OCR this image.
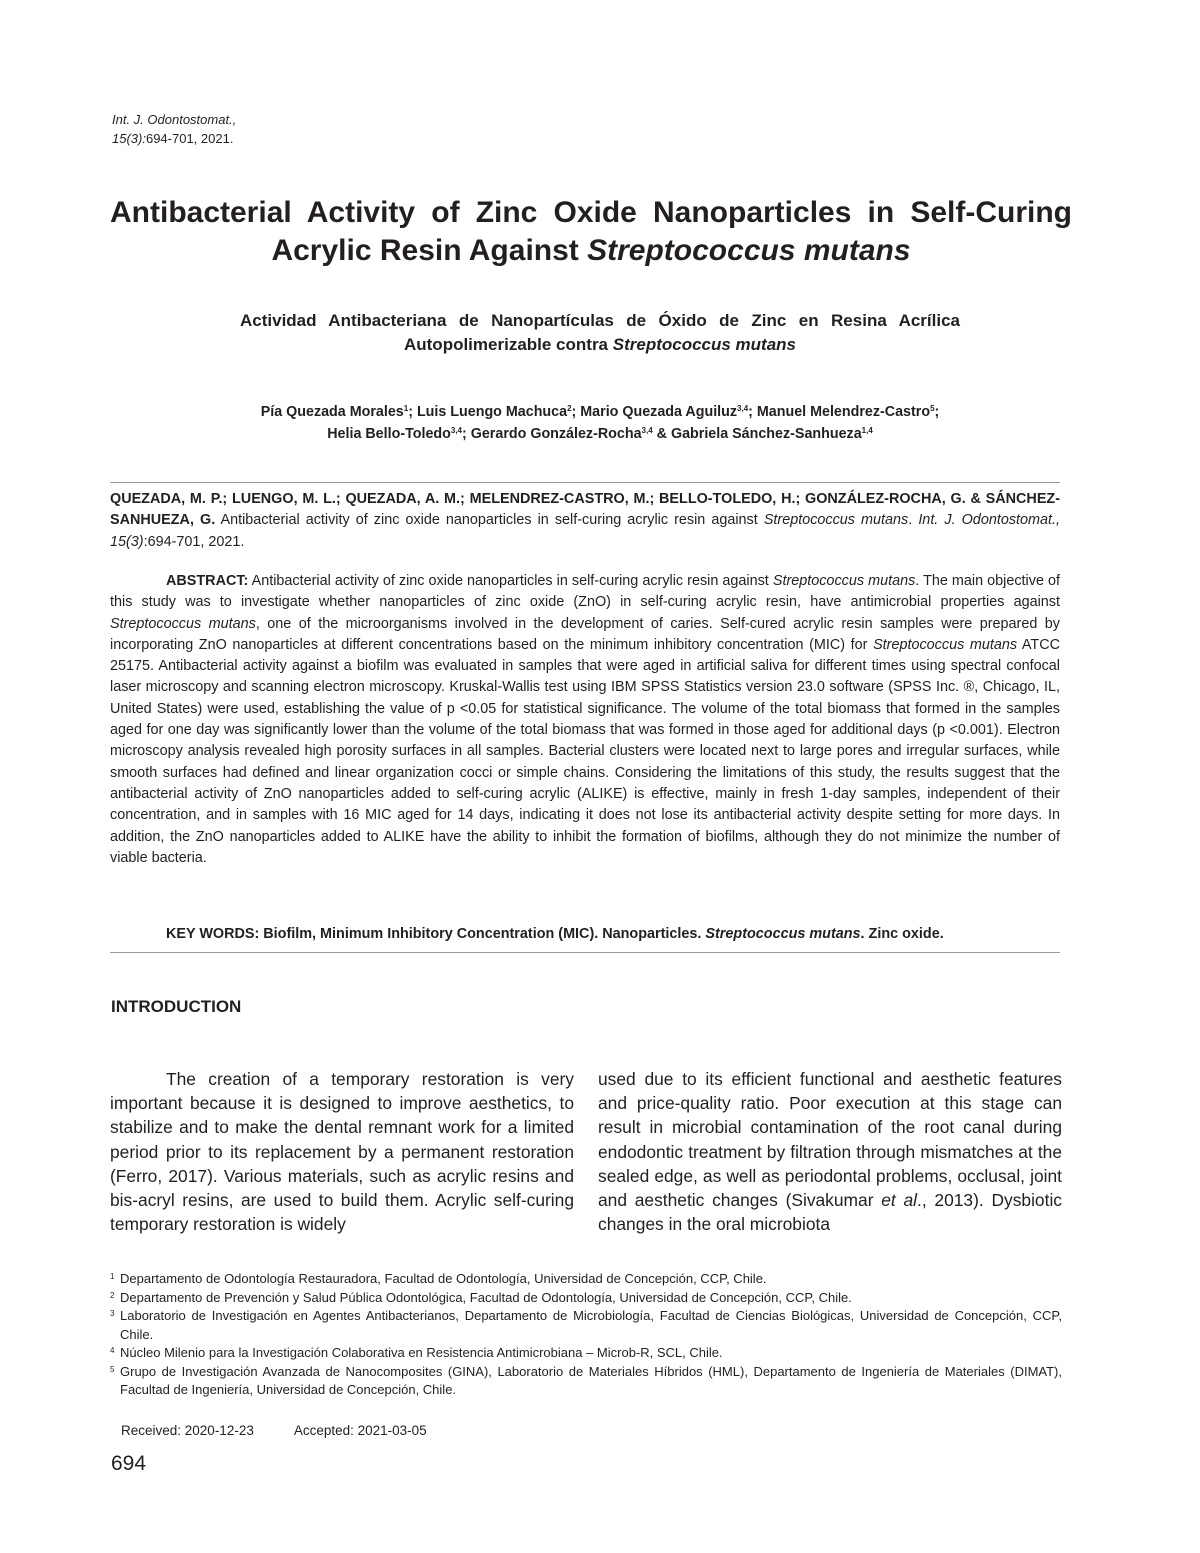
Int. J. Odontostomat.,
15(3):694-701, 2021.
Antibacterial Activity of Zinc Oxide Nanoparticles in Self-Curing Acrylic Resin Against Streptococcus mutans
Actividad Antibacteriana de Nanopartículas de Óxido de Zinc en Resina Acrílica Autopolimerizable contra Streptococcus mutans
Pía Quezada Morales$^1$; Luis Luengo Machuca$^2$; Mario Quezada Aguiluz$^{3,4}$; Manuel Melendrez-Castro$^5$;
Helia Bello-Toledo$^{3,4}$; Gerardo González-Rocha$^{3,4}$ & Gabriela Sánchez-Sanhueza$^{1,4}$
QUEZADA, M. P.; LUENGO, M. L.; QUEZADA, A. M.; MELENDREZ-CASTRO, M.; BELLO-TOLEDO, H.; GONZÁLEZ-ROCHA, G. & SÁNCHEZ-SANHUEZA, G. Antibacterial activity of zinc oxide nanoparticles in self-curing acrylic resin against Streptococcus mutans. Int. J. Odontostomat., 15(3):694-701, 2021.

ABSTRACT: Antibacterial activity of zinc oxide nanoparticles in self-curing acrylic resin against Streptococcus mutans. The main objective of this study was to investigate whether nanoparticles of zinc oxide (ZnO) in self-curing acrylic resin, have antimicrobial properties against Streptococcus mutans, one of the microorganisms involved in the development of caries. Self-cured acrylic resin samples were prepared by incorporating ZnO nanoparticles at different concentrations based on the minimum inhibitory concentration (MIC) for Streptococcus mutans ATCC 25175. Antibacterial activity against a biofilm was evaluated in samples that were aged in artificial saliva for different times using spectral confocal laser microscopy and scanning electron microscopy. Kruskal-Wallis test using IBM SPSS Statistics version 23.0 software (SPSS Inc. ®, Chicago, IL, United States) were used, establishing the value of p <0.05 for statistical significance. The volume of the total biomass that formed in the samples aged for one day was significantly lower than the volume of the total biomass that was formed in those aged for additional days (p <0.001). Electron microscopy analysis revealed high porosity surfaces in all samples. Bacterial clusters were located next to large pores and irregular surfaces, while smooth surfaces had defined and linear organization cocci or simple chains. Considering the limitations of this study, the results suggest that the antibacterial activity of ZnO nanoparticles added to self-curing acrylic (ALIKE) is effective, mainly in fresh 1-day samples, independent of their concentration, and in samples with 16 MIC aged for 14 days, indicating it does not lose its antibacterial activity despite setting for more days. In addition, the ZnO nanoparticles added to ALIKE have the ability to inhibit the formation of biofilms, although they do not minimize the number of viable bacteria.

KEY WORDS: Biofilm, Minimum Inhibitory Concentration (MIC). Nanoparticles. Streptococcus mutans. Zinc oxide.
INTRODUCTION
The creation of a temporary restoration is very important because it is designed to improve aesthetics, to stabilize and to make the dental remnant work for a limited period prior to its replacement by a permanent restoration (Ferro, 2017). Various materials, such as acrylic resins and bis-acryl resins, are used to build them. Acrylic self-curing temporary restoration is widely
used due to its efficient functional and aesthetic features and price-quality ratio. Poor execution at this stage can result in microbial contamination of the root canal during endodontic treatment by filtration through mismatches at the sealed edge, as well as periodontal problems, occlusal, joint and aesthetic changes (Sivakumar et al., 2013). Dysbiotic changes in the oral microbiota
1 Departamento de Odontología Restauradora, Facultad de Odontología, Universidad de Concepción, CCP, Chile.
2 Departamento de Prevención y Salud Pública Odontológica, Facultad de Odontología, Universidad de Concepción, CCP, Chile.
3 Laboratorio de Investigación en Agentes Antibacterianos, Departamento de Microbiología, Facultad de Ciencias Biológicas, Universidad de Concepción, CCP, Chile.
4 Núcleo Milenio para la Investigación Colaborativa en Resistencia Antimicrobiana – Microb-R, SCL, Chile.
5 Grupo de Investigación Avanzada de Nanocomposites (GINA), Laboratorio de Materiales Híbridos (HML), Departamento de Ingeniería de Materiales (DIMAT), Facultad de Ingeniería, Universidad de Concepción, Chile.
Received: 2020-12-23	Accepted: 2021-03-05
694
